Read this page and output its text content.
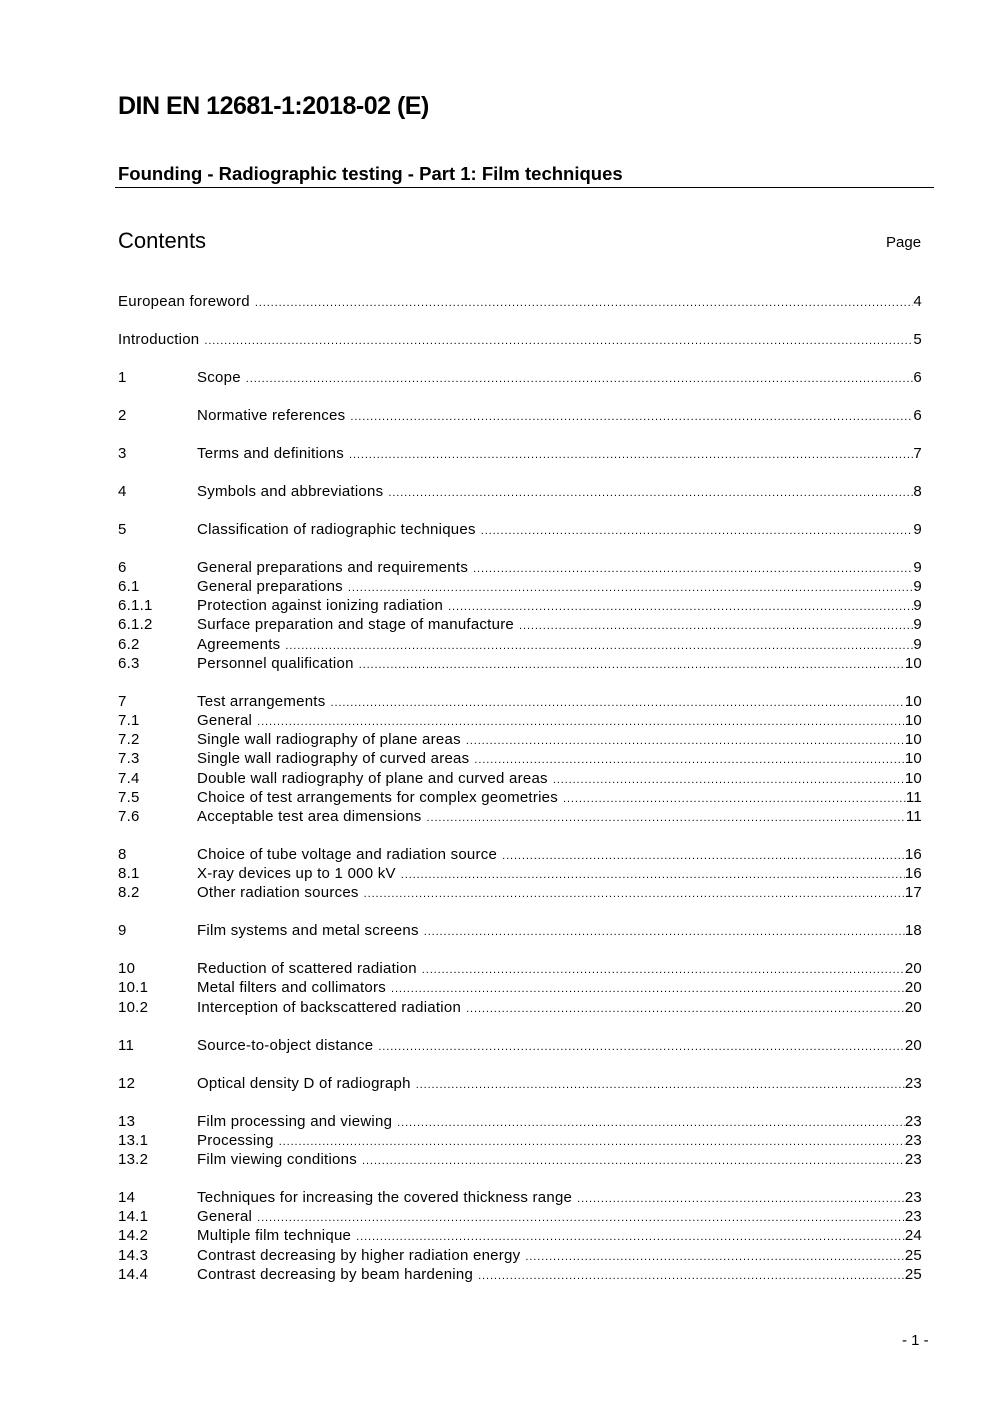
DIN EN 12681-1:2018-02 (E)
Founding - Radiographic testing - Part 1: Film techniques
Contents	Page
European foreword .....	4
Introduction .....	5
1	Scope .....	6
2	Normative references .....	6
3	Terms and definitions .....	7
4	Symbols and abbreviations .....	8
5	Classification of radiographic techniques .....	9
6	General preparations and requirements .....	9
6.1	General preparations .....	9
6.1.1	Protection against ionizing radiation .....	9
6.1.2	Surface preparation and stage of manufacture .....	9
6.2	Agreements .....	9
6.3	Personnel qualification .....	10
7	Test arrangements .....	10
7.1	General .....	10
7.2	Single wall radiography of plane areas .....	10
7.3	Single wall radiography of curved areas .....	10
7.4	Double wall radiography of plane and curved areas .....	10
7.5	Choice of test arrangements for complex geometries .....	11
7.6	Acceptable test area dimensions .....	11
8	Choice of tube voltage and radiation source .....	16
8.1	X-ray devices up to 1 000 kV .....	16
8.2	Other radiation sources .....	17
9	Film systems and metal screens .....	18
10	Reduction of scattered radiation .....	20
10.1	Metal filters and collimators .....	20
10.2	Interception of backscattered radiation .....	20
11	Source-to-object distance .....	20
12	Optical density D of radiograph .....	23
13	Film processing and viewing .....	23
13.1	Processing .....	23
13.2	Film viewing conditions .....	23
14	Techniques for increasing the covered thickness range .....	23
14.1	General .....	23
14.2	Multiple film technique .....	24
14.3	Contrast decreasing by higher radiation energy .....	25
14.4	Contrast decreasing by beam hardening .....	25
- 1 -
